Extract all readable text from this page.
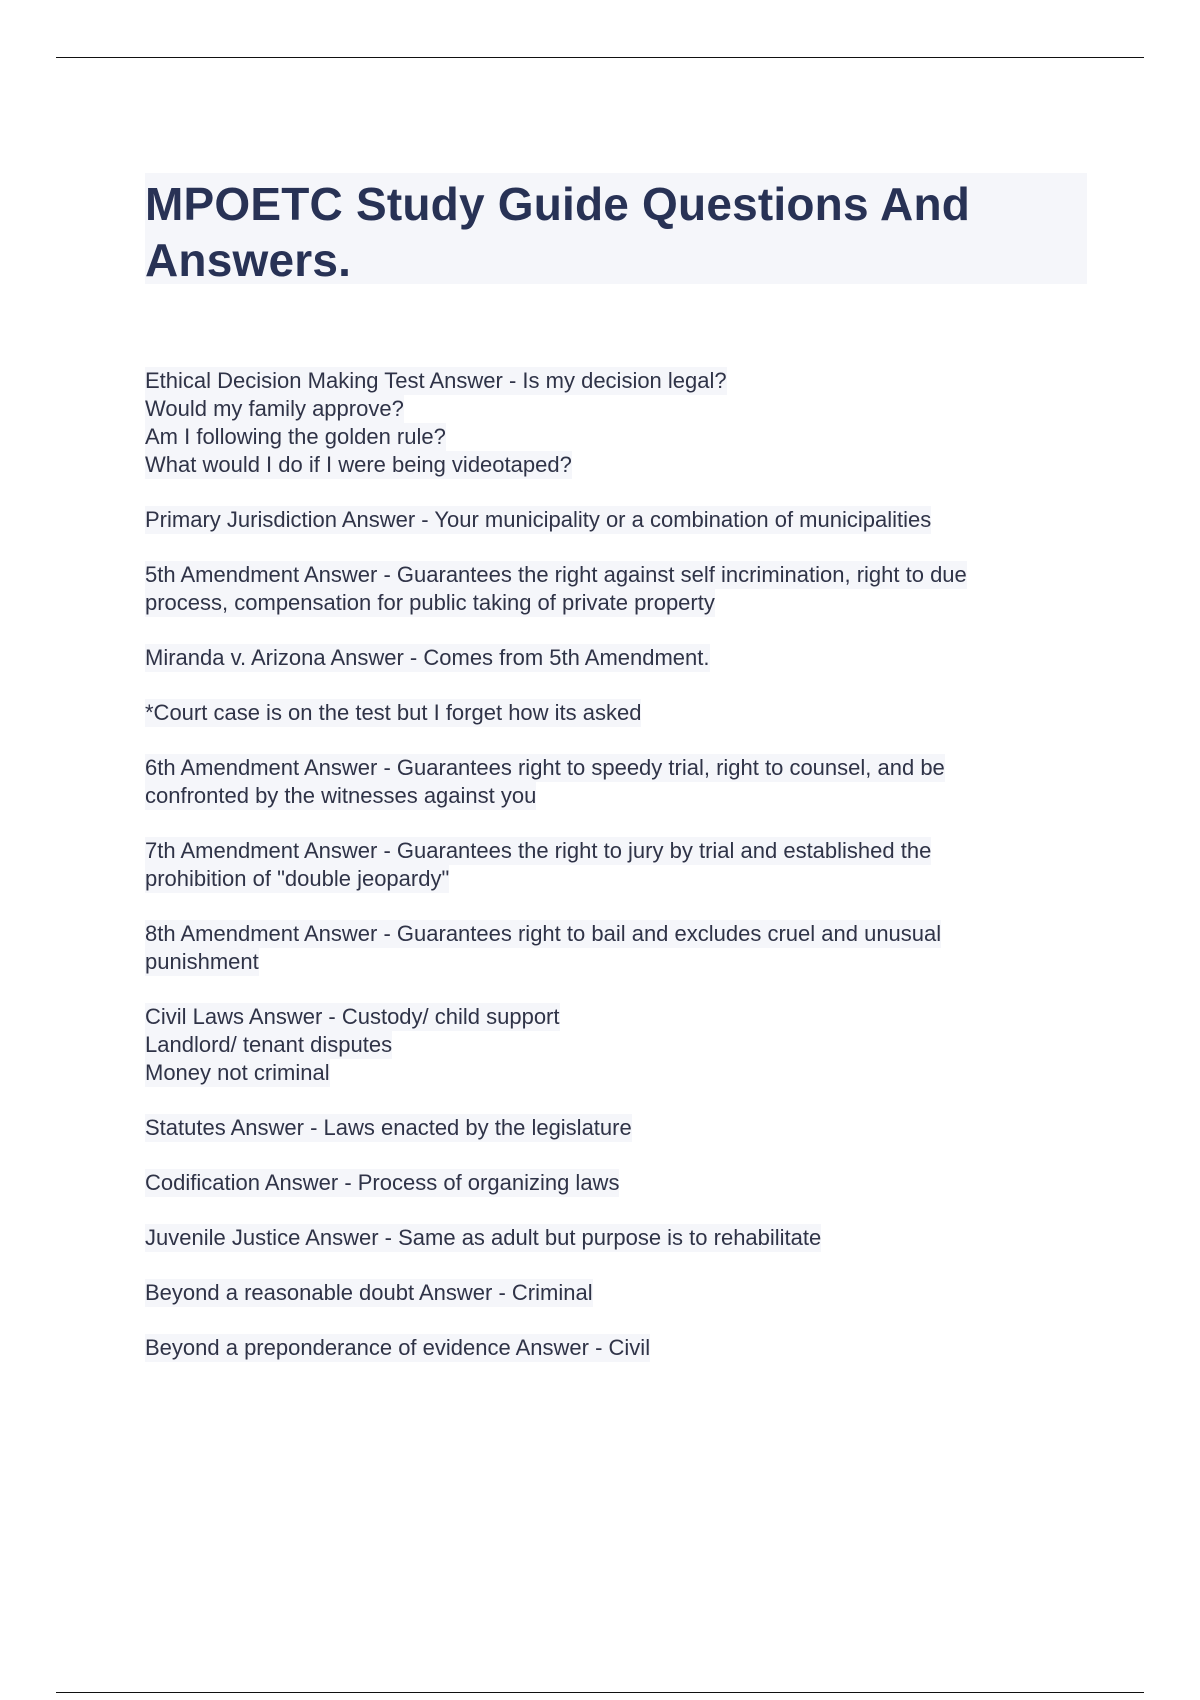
MPOETC Study Guide Questions And
Answers.
Ethical Decision Making Test Answer - Is my decision legal?
Would my family approve?
Am I following the golden rule?
What would I do if I were being videotaped?
Primary Jurisdiction Answer - Your municipality or a combination of municipalities
5th Amendment Answer - Guarantees the right against self incrimination, right to due
process, compensation for public taking of private property
Miranda v. Arizona Answer - Comes from 5th Amendment.
*Court case is on the test but I forget how its asked
6th Amendment Answer - Guarantees right to speedy trial, right to counsel, and be
confronted by the witnesses against you
7th Amendment Answer - Guarantees the right to jury by trial and established the
prohibition of "double jeopardy"
8th Amendment Answer - Guarantees right to bail and excludes cruel and unusual
punishment
Civil Laws Answer - Custody/ child support
Landlord/ tenant disputes
Money not criminal
Statutes Answer - Laws enacted by the legislature
Codification Answer - Process of organizing laws
Juvenile Justice Answer - Same as adult but purpose is to rehabilitate
Beyond a reasonable doubt Answer - Criminal
Beyond a preponderance of evidence Answer - Civil
